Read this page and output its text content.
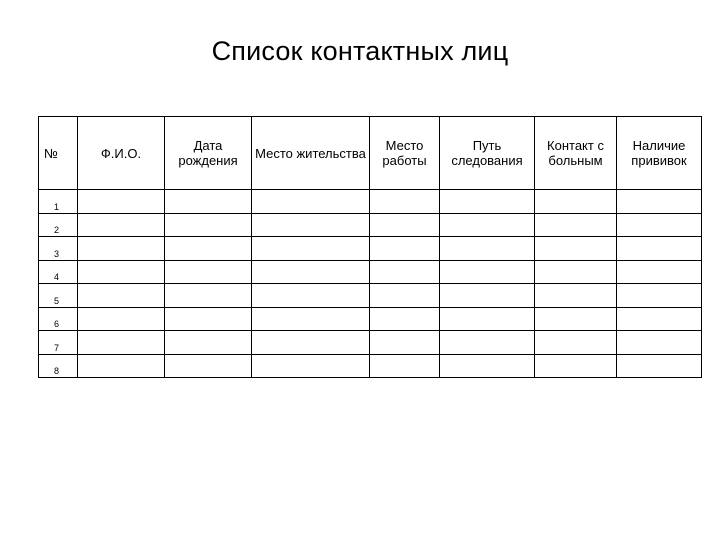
Список контактных лиц
№	Ф.И.О.	Дата рождения	Место жительства	Место работы	Путь следования	Контакт с больным	Наличие прививок
1							
2							
3							
4							
5							
6							
7							
8							
